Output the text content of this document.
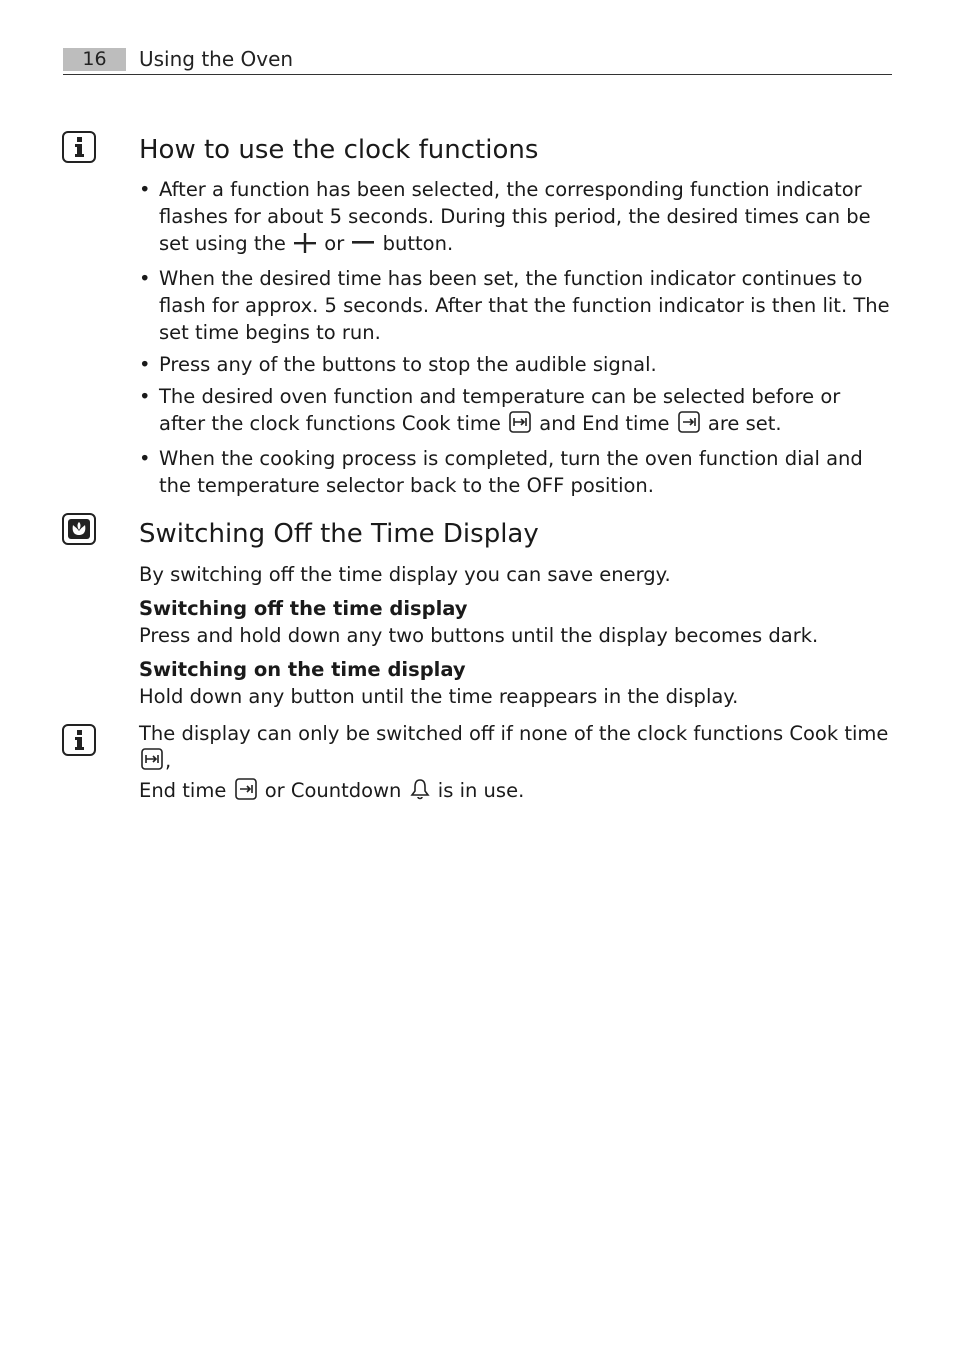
16	Using the Oven
How to use the clock functions
• After a function has been selected, the corresponding function indicator flashes for about 5 seconds. During this period, the desired times can be set using the or button.
• When the desired time has been set, the function indicator continues to flash for approx. 5 seconds. After that the function indicator is then lit. The set time begins to run.
• Press any of the buttons to stop the audible signal.
• The desired oven function and temperature can be selected before or after the clock functions Cook time and End time are set.
• When the cooking process is completed, turn the oven function dial and the temperature selector back to the OFF position.
Switching Off the Time Display

By switching off the time display you can save energy.

Switching off the time display

Press and hold down any two buttons until the display becomes dark.

Switching on the time display

Hold down any button until the time reappears in the display.

The display can only be switched off if none of the clock functions Cook time ,
End time or Countdown is in use.
